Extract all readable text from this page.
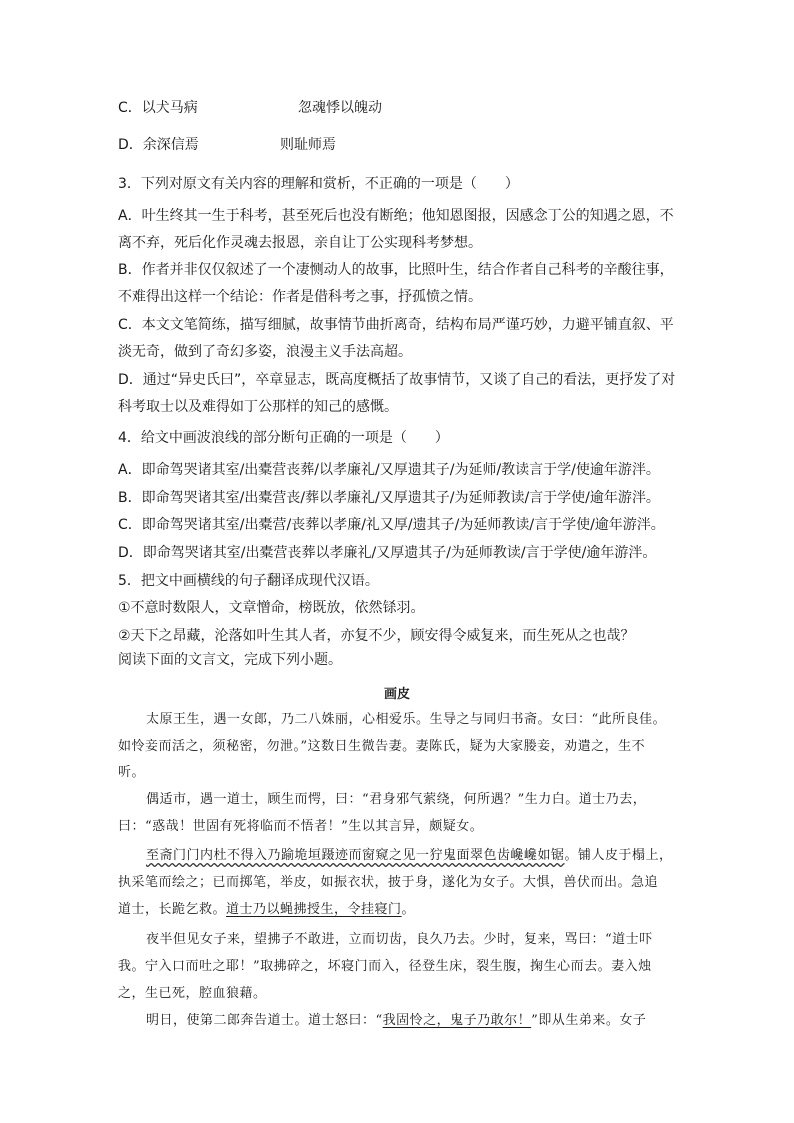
C．以犬马病	忽魂悸以魄动
D．余深信焉	则耻师焉
3．下列对原文有关内容的理解和赏析，不正确的一项是（　　）
A．叶生终其一生于科考，甚至死后也没有断绝；他知恩图报，因感念丁公的知遇之恩，不
离不弃，死后化作灵魂去报恩，亲自让丁公实现科考梦想。
B．作者并非仅仅叙述了一个凄恻动人的故事，比照叶生，结合作者自己科考的辛酸往事，
不难得出这样一个结论：作者是借科考之事，抒孤愤之情。
C．本文文笔简练，描写细腻，故事情节曲折离奇，结构布局严谨巧妙，力避平铺直叙、平
淡无奇，做到了奇幻多姿，浪漫主义手法高超。
D．通过“异史氏曰”，卒章显志，既高度概括了故事情节，又谈了自己的看法，更抒发了对
科考取士以及难得如丁公那样的知己的感慨。
4．给文中画波浪线的部分断句正确的一项是（　　）
A．即命驾哭诸其室/出橐营丧葬/以孝廉礼/又厚遗其子/为延师/教读言于学/使逾年游泮。
B．即命驾哭诸其室/出橐营丧/葬以孝廉礼/又厚遗其子/为延师教读/言于学使/逾年游泮。
C．即命驾哭诸其室/出橐营/丧葬以孝廉/礼又厚/遗其子/为延师教读/言于学使/逾年游泮。
D．即命驾哭诸其室/出橐营丧葬以孝廉礼/又厚遗其子/为延师教读/言于学使/逾年游泮。
5．把文中画横线的句子翻译成现代汉语。
①不意时数限人，文章憎命，榜既放，依然铩羽。
②天下之昂藏，沦落如叶生其人者，亦复不少，顾安得令威复来，而生死从之也哉？
阅读下面的文言文，完成下列小题。
画皮
太原王生，遇一女郎，乃二八姝丽，心相爱乐。生导之与同归书斋。女曰：“此所良佳。
如怜妾而活之，须秘密，勿泄。”这数日生微告妻。妻陈氏，疑为大家媵妾，劝遣之，生不
听。
偶适市，遇一道士，顾生而愕，曰：“君身邪气萦绕，何所遇？”生力白。道士乃去，
曰：“惑哉！世固有死将临而不悟者！”生以其言异，颇疑女。
至斋门门内杜不得入乃踰垝垣蹑迹而窗窥之见一狞鬼面翠色齿巉巉如锯。铺人皮于榻上，
执采笔而绘之；已而掷笔，举皮，如振衣状，披于身，遂化为女子。大惧，兽伏而出。急追
道士，长跪乞救。道士乃以蝇拂授生，令挂寝门。
夜半但见女子来，望拂子不敢进，立而切齿，良久乃去。少时，复来，骂曰：“道士吓
我。宁入口而吐之耶！”取拂碎之，坏寝门而入，径登生床，裂生腹，掬生心而去。妻入烛
之，生已死，腔血狼藉。
明日，使第二郎奔告道士。道士怒曰：“我固怜之，鬼子乃敢尔！”即从生弟来。女子
